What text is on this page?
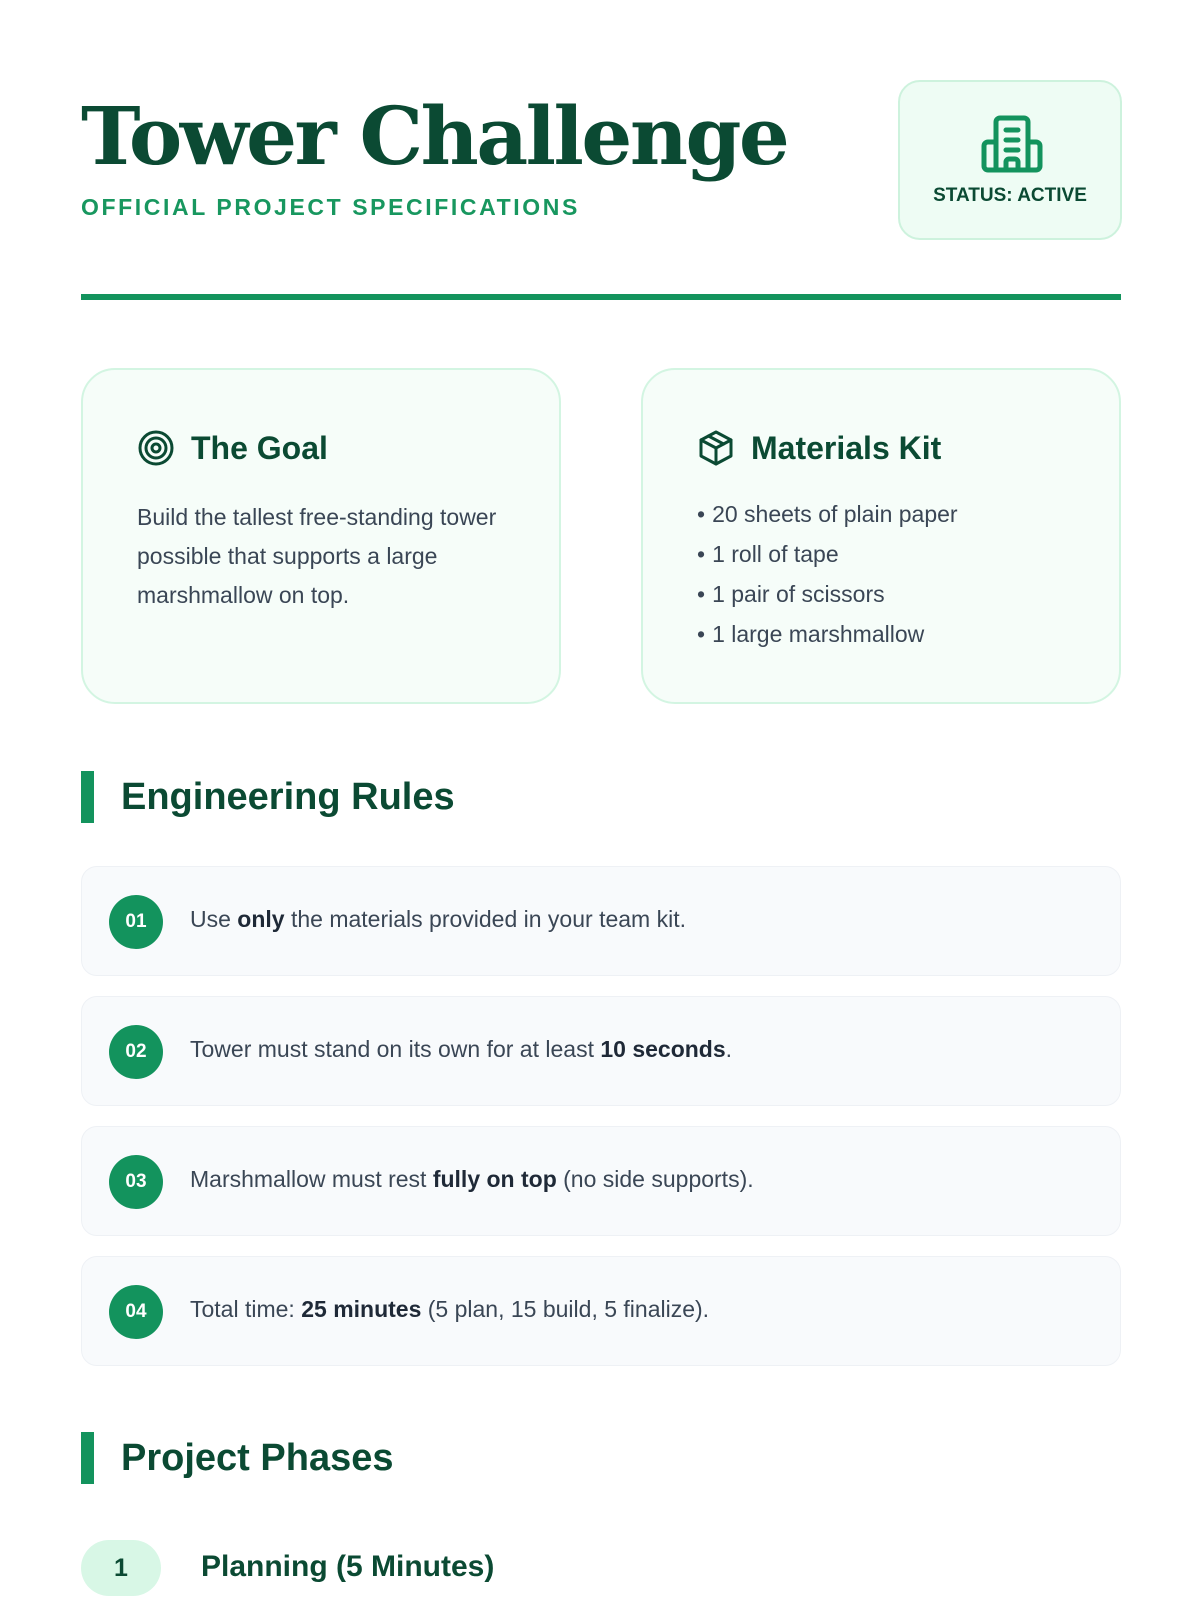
Tower Challenge
OFFICIAL PROJECT SPECIFICATIONS	STATUS: ACTIVE
The Goal

Build the tallest free-standing tower possible that supports a large marshmallow on top.

Materials Kit
• 20 sheets of plain paper
• 1 roll of tape
• 1 pair of scissors
• 1 large marshmallow
Engineering Rules
01	Use only the materials provided in your team kit.
02	Tower must stand on its own for at least 10 seconds.
03	Marshmallow must rest fully on top (no side supports).
04	Total time: 25 minutes (5 plan, 15 build, 5 finalize).
Project Phases
1	Planning (5 Minutes)
